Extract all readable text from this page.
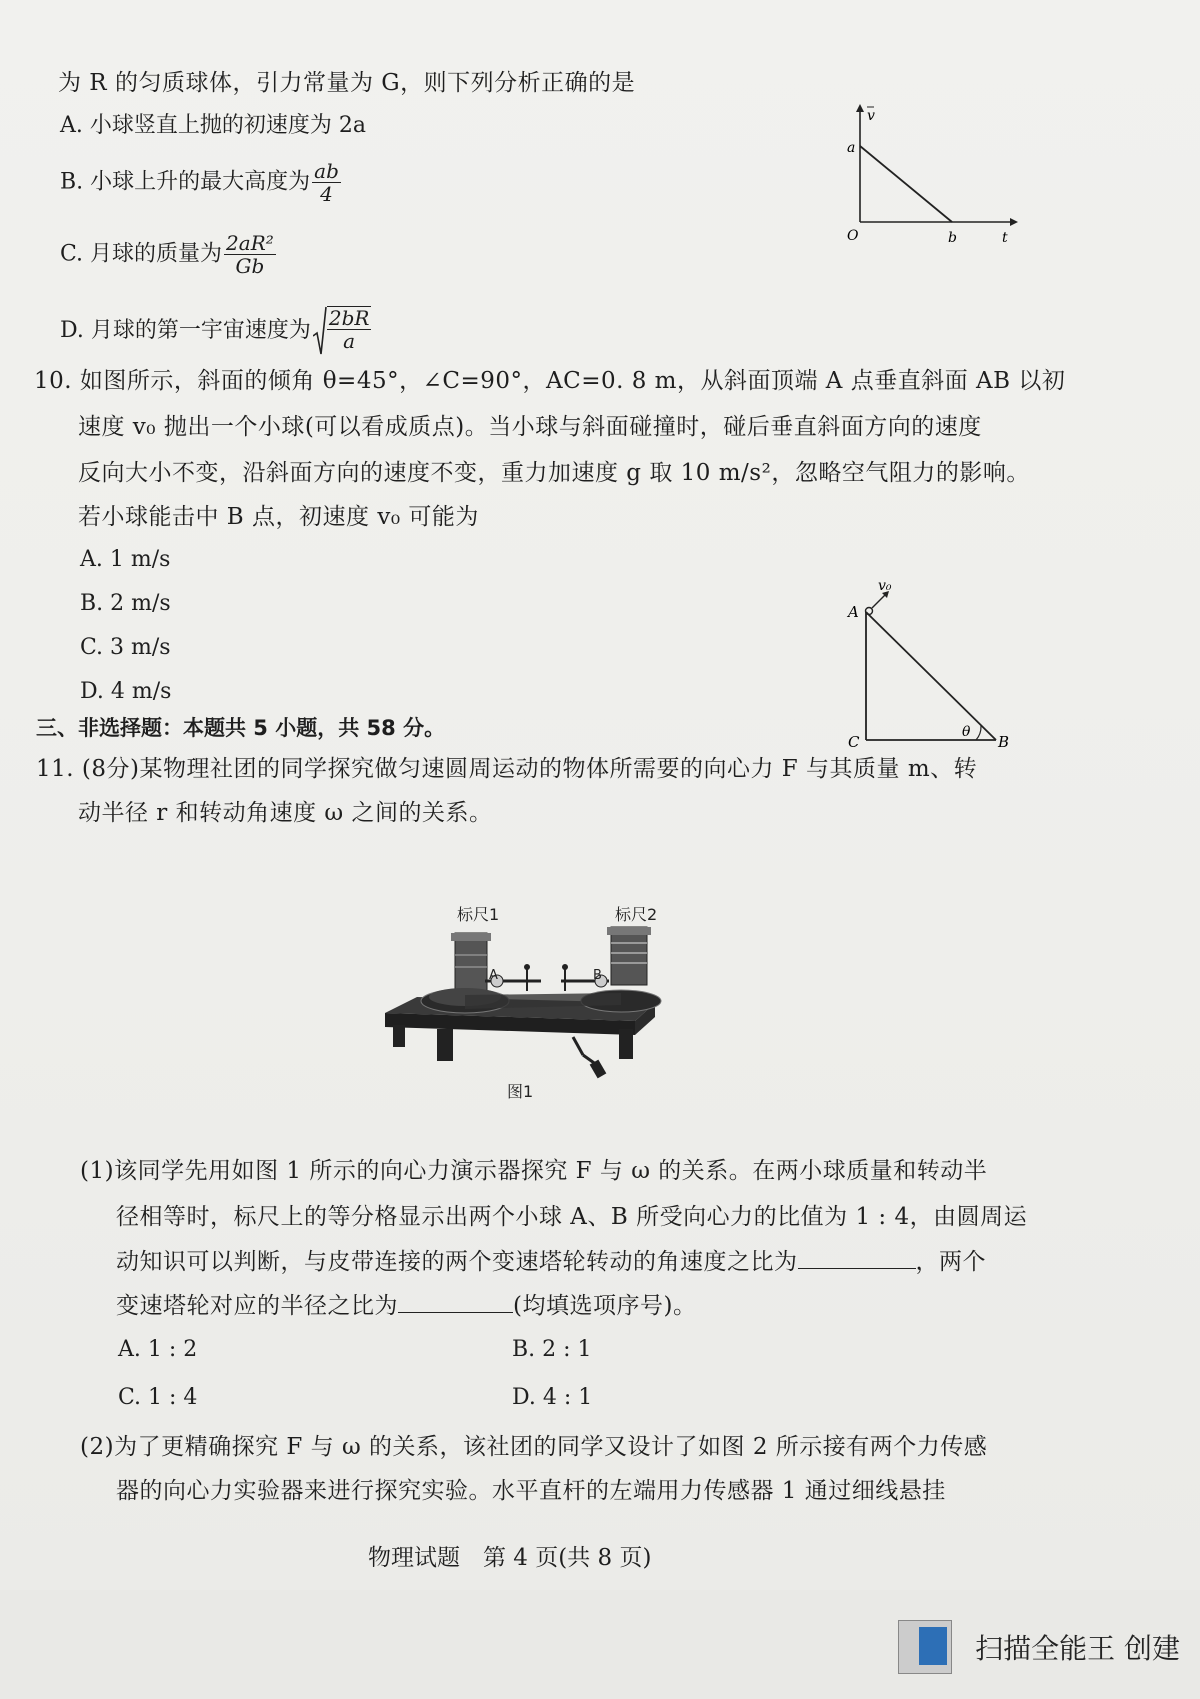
为 R 的匀质球体，引力常量为 G，则下列分析正确的是
A. 小球竖直上抛的初速度为 2a
B. 小球上升的最大高度为 $\frac{ab}{4}$
C. 月球的质量为 $\frac{\text{2aR²}}{Gb}$
D. 月球的第一宇宙速度为 $\frac{2bR}{a}$
v
a
O	b	t
10. 如图所示，斜面的倾角 θ=45°，∠C=90°，AC=0. 8 m，从斜面顶端 A 点垂直斜面 AB 以初
速度 v₀ 抛出一个小球(可以看成质点)。当小球与斜面碰撞时，碰后垂直斜面方向的速度
反向大小不变，沿斜面方向的速度不变，重力加速度 g 取 10 m/s²，忽略空气阻力的影响。
若小球能击中 B 点，初速度 v₀ 可能为
A. 1 m/s
B. 2 m/s
C. 3 m/s
D. 4 m/s
v₀
A
C	B
θ
三、非选择题：本题共 5 小题，共 58 分。
11. (8分)某物理社团的同学探究做匀速圆周运动的物体所需要的向心力 F 与其质量 m、转
动半径 r 和转动角速度 ω 之间的关系。
标尺1	标尺2
A	B
图1
(1)该同学先用如图 1 所示的向心力演示器探究 F 与 ω 的关系。在两小球质量和转动半
径相等时，标尺上的等分格显示出两个小球 A、B 所受向心力的比值为 1 : 4，由圆周运
动知识可以判断，与皮带连接的两个变速塔轮转动的角速度之比为	，两个
变速塔轮对应的半径之比为	(均填选项序号)。
A. 1 : 2	B. 2 : 1
C. 1 : 4	D. 4 : 1
(2)为了更精确探究 F 与 ω 的关系，该社团的同学又设计了如图 2 所示接有两个力传感
器的向心力实验器来进行探究实验。水平直杆的左端用力传感器 1 通过细线悬挂
物理试题　第 4 页(共 8 页)
扫描全能王 创建
